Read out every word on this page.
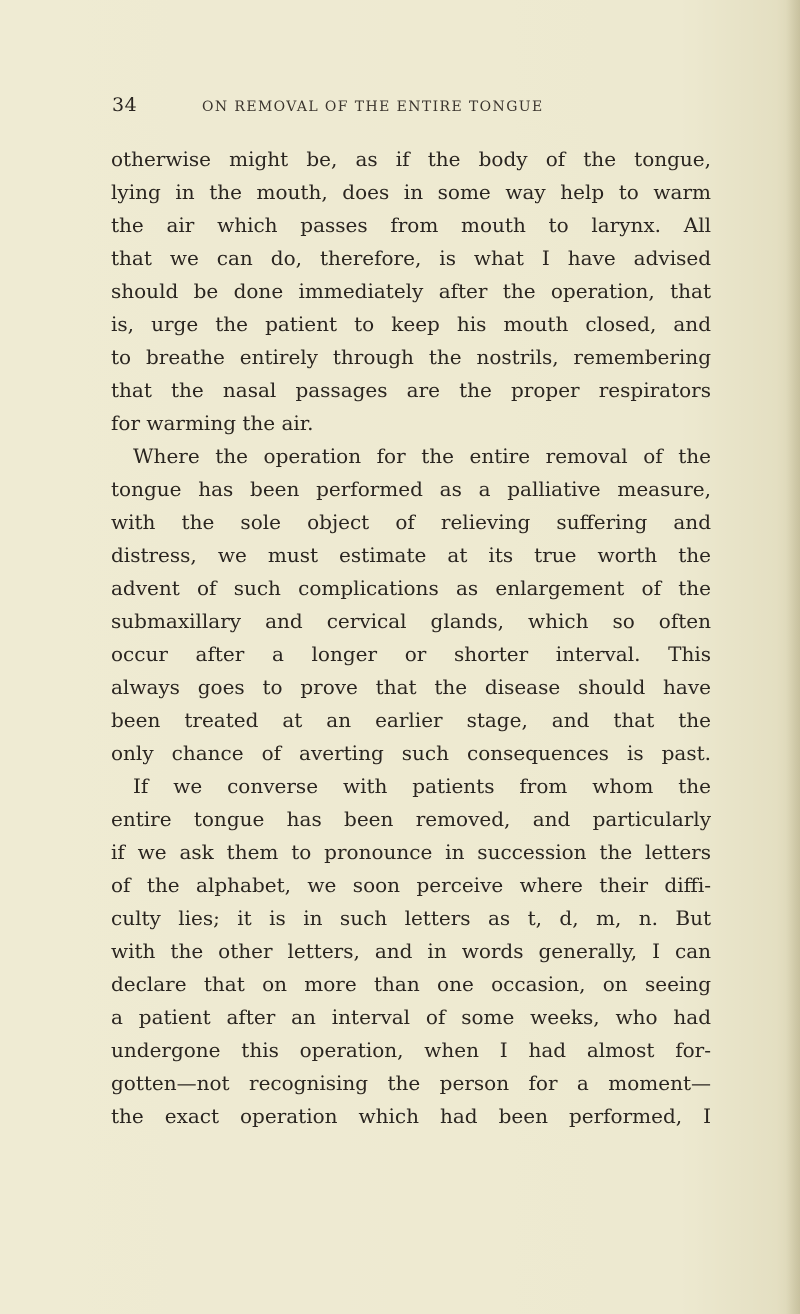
34	ON REMOVAL OF THE ENTIRE TONGUE
otherwise might be, as if the body of the tongue,
lying in the mouth, does in some way help to warm
the air which passes from mouth to larynx. All
that we can do, therefore, is what I have advised
should be done immediately after the operation, that
is, urge the patient to keep his mouth closed, and
to breathe entirely through the nostrils, remembering
that the nasal passages are the proper respirators
for warming the air.
Where the operation for the entire removal of the
tongue has been performed as a palliative measure,
with the sole object of relieving suffering and
distress, we must estimate at its true worth the
advent of such complications as enlargement of the
submaxillary and cervical glands, which so often
occur after a longer or shorter interval. This
always goes to prove that the disease should have
been treated at an earlier stage, and that the
only chance of averting such consequences is past.
If we converse with patients from whom the
entire tongue has been removed, and particularly
if we ask them to pronounce in succession the letters
of the alphabet, we soon perceive where their diffi-
culty lies; it is in such letters as t, d, m, n. But
with the other letters, and in words generally, I can
declare that on more than one occasion, on seeing
a patient after an interval of some weeks, who had
undergone this operation, when I had almost for-
gotten—not recognising the person for a moment—
the exact operation which had been performed, I
